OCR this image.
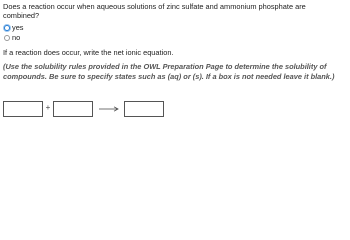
Does a reaction occur when aqueous solutions of zinc sulfate and ammonium phosphate are combined?

yes
no
If a reaction does occur, write the net ionic equation.
(Use the solubility rules provided in the OWL Preparation Page to determine the solubility of compounds. Be sure to specify states such as (aq) or (s). If a box is not needed leave it blank.)
+
